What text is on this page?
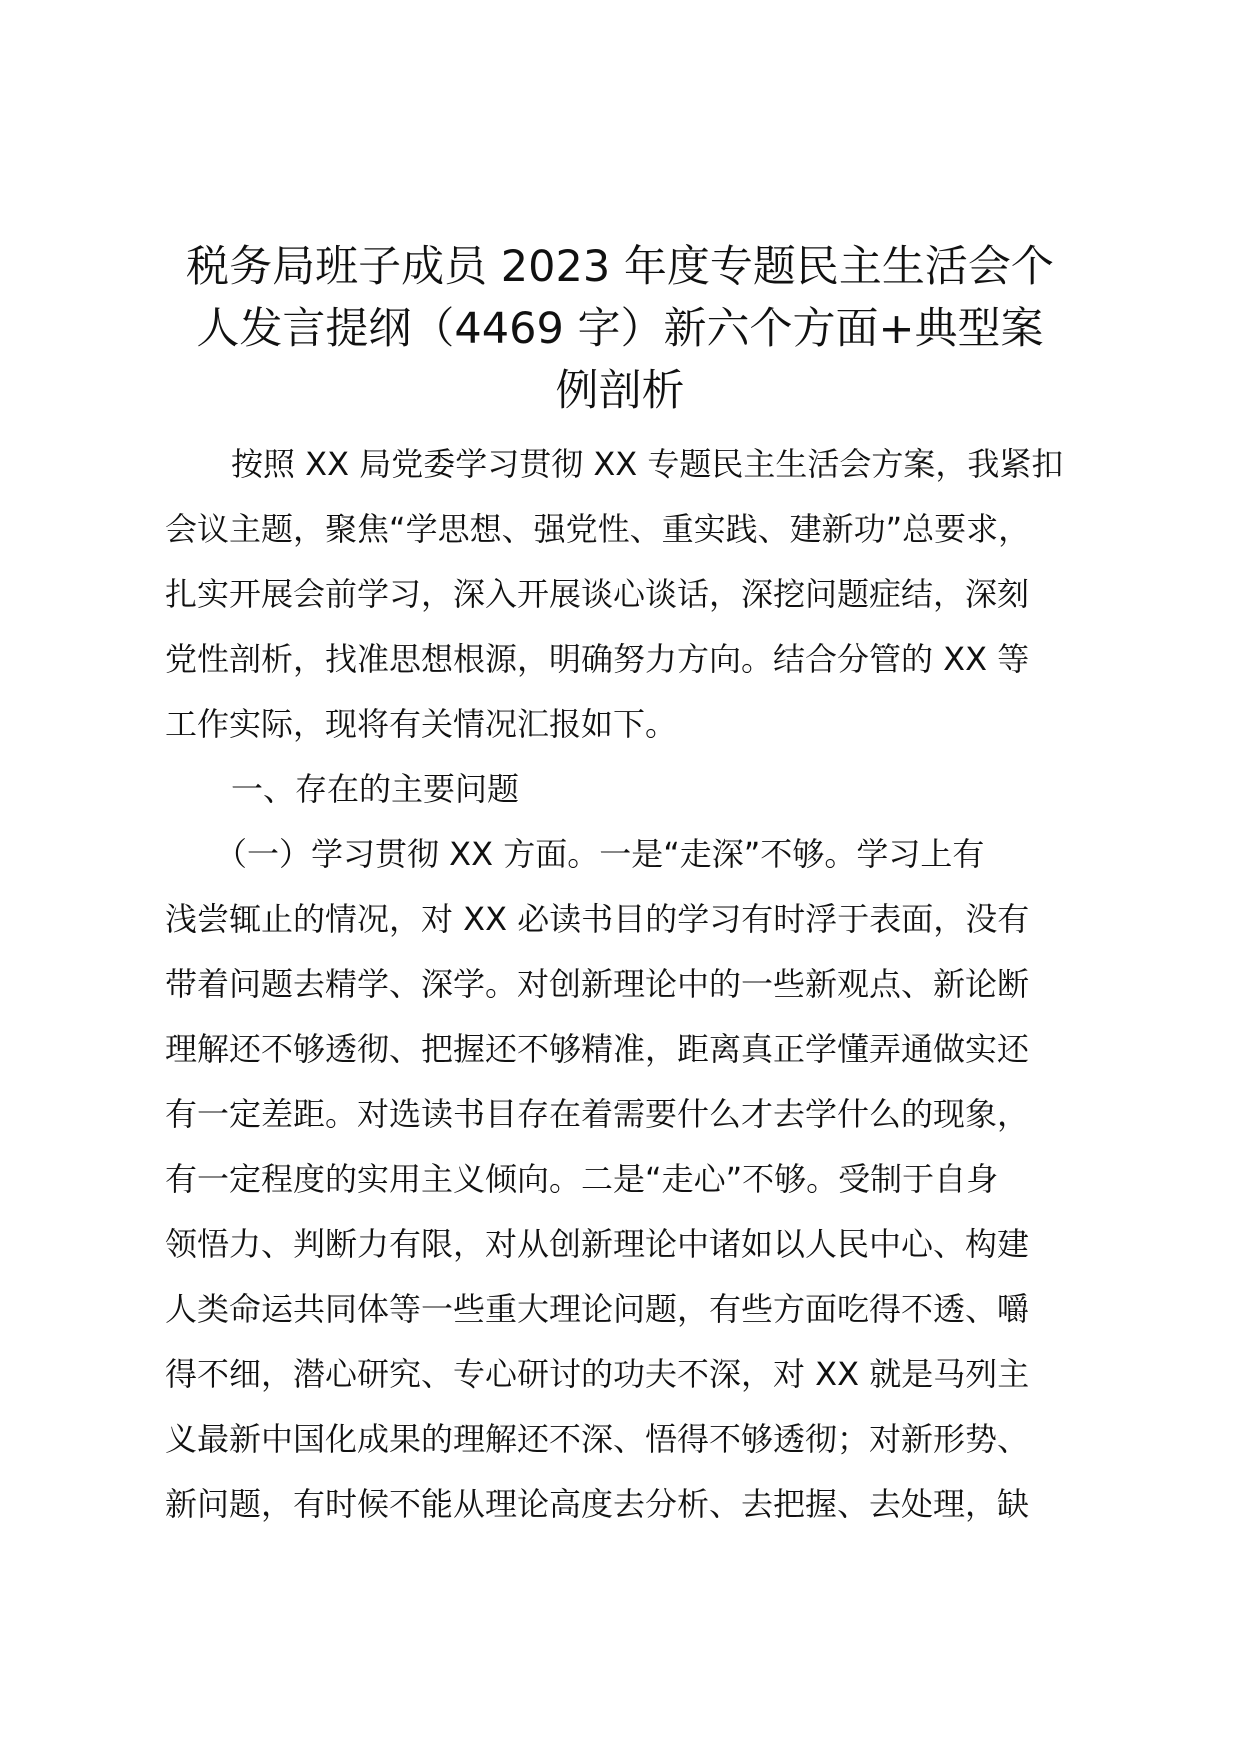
税务局班子成员 2023 年度专题民主生活会个
人发言提纲（4469 字）新六个方面+典型案
例剖析
按照 XX 局党委学习贯彻 XX 专题民主生活会方案，我紧扣
会议主题，聚焦“学思想、强党性、重实践、建新功”总要求，
扎实开展会前学习，深入开展谈心谈话，深挖问题症结，深刻
党性剖析，找准思想根源，明确努力方向。结合分管的 XX 等
工作实际，现将有关情况汇报如下。
一、存在的主要问题
（一）学习贯彻 XX 方面。一是“走深”不够。学习上有
浅尝辄止的情况，对 XX 必读书目的学习有时浮于表面，没有
带着问题去精学、深学。对创新理论中的一些新观点、新论断
理解还不够透彻、把握还不够精准，距离真正学懂弄通做实还
有一定差距。对选读书目存在着需要什么才去学什么的现象，
有一定程度的实用主义倾向。二是“走心”不够。受制于自身
领悟力、判断力有限，对从创新理论中诸如以人民中心、构建
人类命运共同体等一些重大理论问题，有些方面吃得不透、嚼
得不细，潜心研究、专心研讨的功夫不深，对 XX 就是马列主
义最新中国化成果的理解还不深、悟得不够透彻；对新形势、
新问题，有时候不能从理论高度去分析、去把握、去处理，缺
